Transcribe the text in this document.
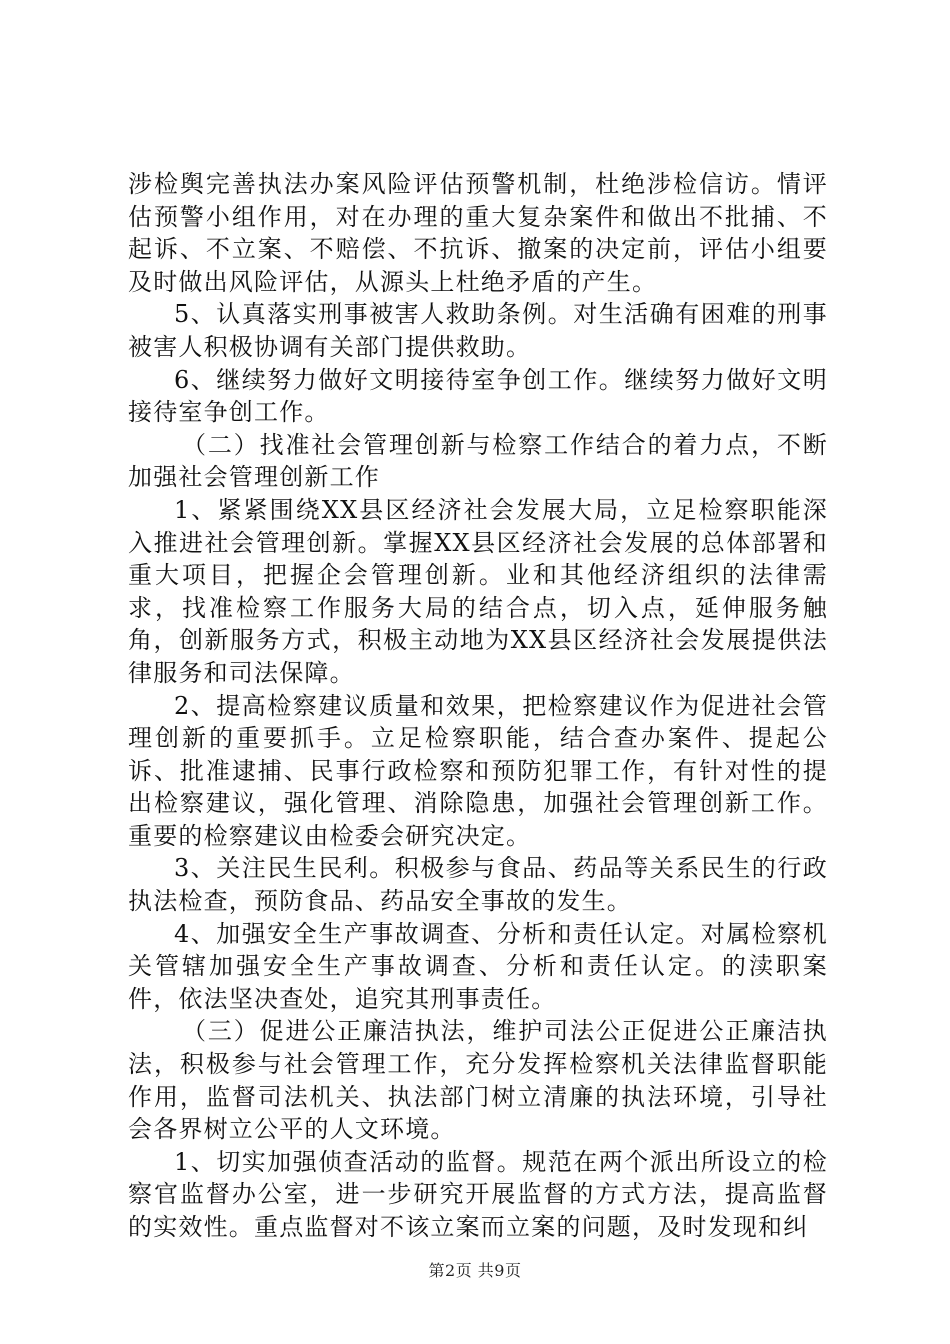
涉检舆完善执法办案风险评估预警机制，杜绝涉检信访。情评估预警小组作用，对在办理的重大复杂案件和做出不批捕、不起诉、不立案、不赔偿、不抗诉、撤案的决定前，评估小组要及时做出风险评估，从源头上杜绝矛盾的产生。

5、认真落实刑事被害人救助条例。对生活确有困难的刑事被害人积极协调有关部门提供救助。

6、继续努力做好文明接待室争创工作。继续努力做好文明接待室争创工作。

（二）找准社会管理创新与检察工作结合的着力点，不断加强社会管理创新工作

1、紧紧围绕XX县区经济社会发展大局，立足检察职能深入推进社会管理创新。掌握XX县区经济社会发展的总体部署和重大项目，把握企会管理创新。业和其他经济组织的法律需求，找准检察工作服务大局的结合点，切入点，延伸服务触角，创新服务方式，积极主动地为XX县区经济社会发展提供法律服务和司法保障。

2、提高检察建议质量和效果，把检察建议作为促进社会管理创新的重要抓手。立足检察职能，结合查办案件、提起公诉、批准逮捕、民事行政检察和预防犯罪工作，有针对性的提出检察建议，强化管理、消除隐患，加强社会管理创新工作。重要的检察建议由检委会研究决定。

3、关注民生民利。积极参与食品、药品等关系民生的行政执法检查，预防食品、药品安全事故的发生。

4、加强安全生产事故调查、分析和责任认定。对属检察机关管辖加强安全生产事故调查、分析和责任认定。的渎职案件，依法坚决查处，追究其刑事责任。

（三）促进公正廉洁执法，维护司法公正促进公正廉洁执法，积极参与社会管理工作，充分发挥检察机关法律监督职能作用，监督司法机关、执法部门树立清廉的执法环境，引导社会各界树立公平的人文环境。

1、切实加强侦查活动的监督。规范在两个派出所设立的检察官监督办公室，进一步研究开展监督的方式方法，提高监督的实效性。重点监督对不该立案而立案的问题，及时发现和纠

第2页 共9页
